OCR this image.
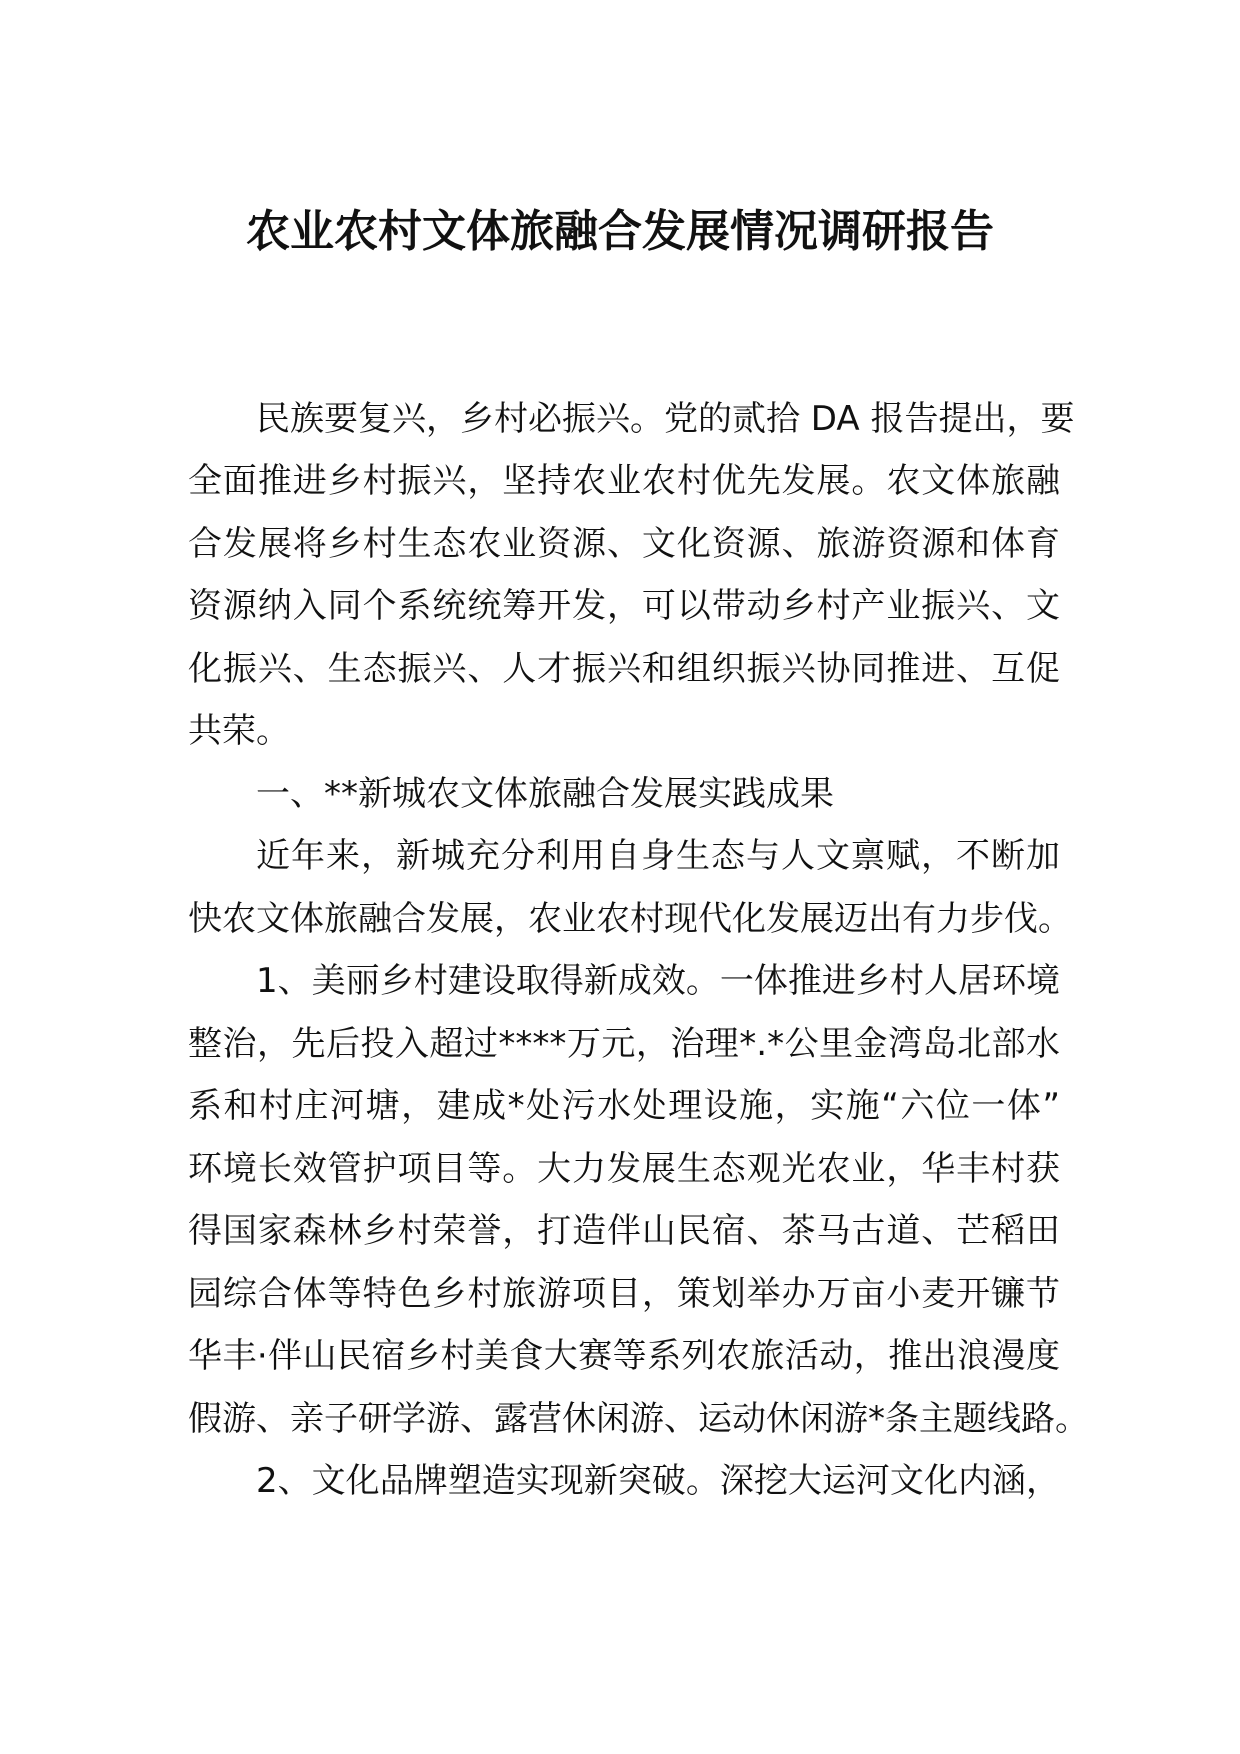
农业农村文体旅融合发展情况调研报告

民族要复兴，乡村必振兴。党的贰拾 DA 报告提出，要

全面推进乡村振兴，坚持农业农村优先发展。农文体旅融

合发展将乡村生态农业资源、文化资源、旅游资源和体育

资源纳入同个系统统筹开发，可以带动乡村产业振兴、文

化振兴、生态振兴、人才振兴和组织振兴协同推进、互促

共荣。

一、**新城农文体旅融合发展实践成果

近年来，新城充分利用自身生态与人文禀赋，不断加

快农文体旅融合发展，农业农村现代化发展迈出有力步伐。

1、美丽乡村建设取得新成效。一体推进乡村人居环境

整治，先后投入超过****万元，治理*.*公里金湾岛北部水

系和村庄河塘，建成*处污水处理设施，实施“六位一体”

环境长效管护项目等。大力发展生态观光农业，华丰村获

得国家森林乡村荣誉，打造伴山民宿、茶马古道、芒稻田

园综合体等特色乡村旅游项目，策划举办万亩小麦开镰节

华丰·伴山民宿乡村美食大赛等系列农旅活动，推出浪漫度

假游、亲子研学游、露营休闲游、运动休闲游*条主题线路。

2、文化品牌塑造实现新突破。深挖大运河文化内涵，
